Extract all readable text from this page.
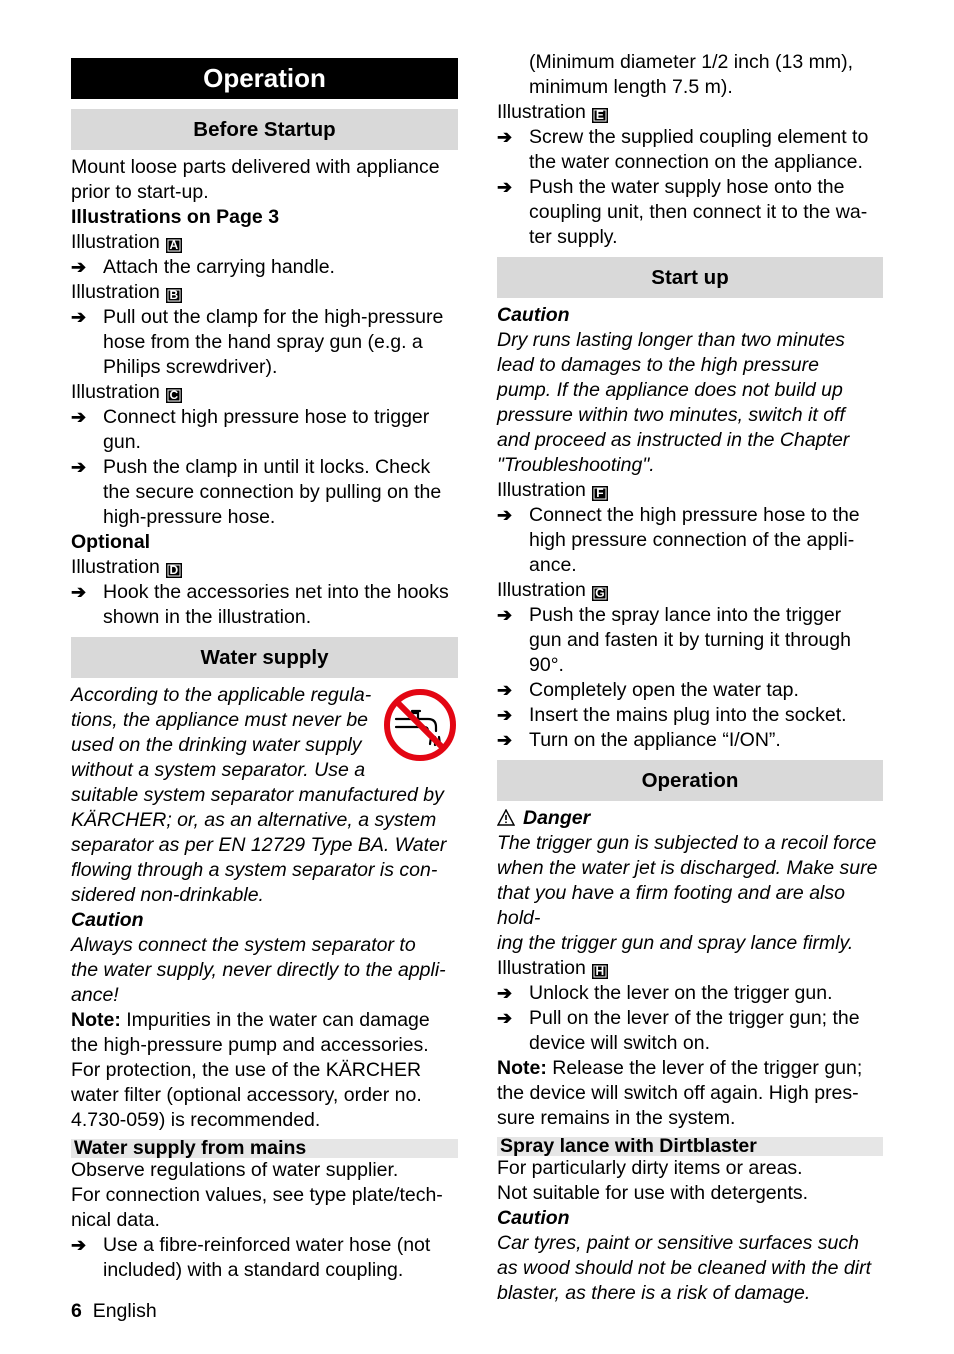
Operation
Before Startup

Mount loose parts delivered with appliance
prior to start-up.

Illustrations on Page 3

Illustration A

➔ Attach the carrying handle.

Illustration B

➔ Pull out the clamp for the high-pressure
hose from the hand spray gun (e.g. a
Philips screwdriver).

Illustration C

➔ Connect high pressure hose to trigger
gun.
➔ Push the clamp in until it locks. Check
the secure connection by pulling on the
high-pressure hose.

Optional

Illustration D

➔ Hook the accessories net into the hooks
shown in the illustration.
Water supply

According to the applicable regula-
tions, the appliance must never be
used on the drinking water supply
without a system separator. Use a
suitable system separator manufactured by
KÄRCHER; or, as an alternative, a system
separator as per EN 12729 Type BA. Water
flowing through a system separator is con-
sidered non-drinkable.

Caution

Always connect the system separator to
the water supply, never directly to the appli-
ance!

Note: Impurities in the water can damage
the high-pressure pump and accessories.
For protection, the use of the KÄRCHER
water filter (optional accessory, order no.
4.730-059) is recommended.

Water supply from mains

Observe regulations of water supplier.

For connection values, see type plate/tech-
nical data.

➔ Use a fibre-reinforced water hose (not
included) with a standard coupling.
(Minimum diameter 1/2 inch (13 mm),
minimum length 7.5 m).

Illustration E

➔ Screw the supplied coupling element to
the water connection on the appliance.
➔ Push the water supply hose onto the
coupling unit, then connect it to the wa-
ter supply.
Start up

Caution

Dry runs lasting longer than two minutes
lead to damages to the high pressure
pump. If the appliance does not build up
pressure within two minutes, switch it off
and proceed as instructed in the Chapter
"Troubleshooting".

Illustration F

➔ Connect the high pressure hose to the
high pressure connection of the appli-
ance.

Illustration G

➔ Push the spray lance into the trigger
gun and fasten it by turning it through
90°.
➔ Completely open the water tap.
➔ Insert the mains plug into the socket.
➔ Turn on the appliance “I/ON”.
Operation

Danger

The trigger gun is subjected to a recoil force
when the water jet is discharged. Make sure
that you have a firm footing and are also hold-
ing the trigger gun and spray lance firmly.

Illustration H

➔ Unlock the lever on the trigger gun.
➔ Pull on the lever of the trigger gun; the
device will switch on.

Note: Release the lever of the trigger gun;
the device will switch off again. High pres-
sure remains in the system.

Spray lance with Dirtblaster

For particularly dirty items or areas.

Not suitable for use with detergents.

Caution

Car tyres, paint or sensitive surfaces such
as wood should not be cleaned with the dirt
blaster, as there is a risk of damage.

6 English
